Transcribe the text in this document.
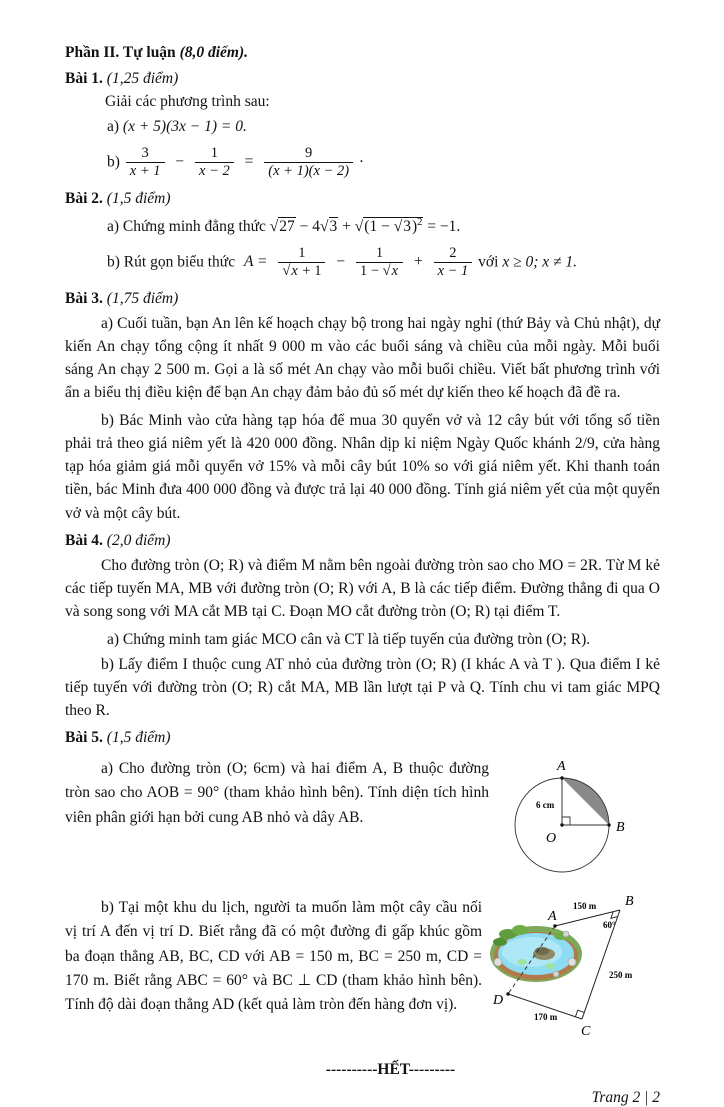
Phần II. Tự luận (8,0 điểm).
Bài 1. (1,25 điểm)
Giải các phương trình sau:
a) (x + 5)(3x − 1) = 0.
$b) \frac{3}{x + 1} - \frac{1}{x - 2} = \frac{9}{(x + 1)(x - 2)}$ ·
Bài 2. (1,5 điểm)
a) Chứng minh đẳng thức √ 27 − 4 √ 3 + √ (1 − √ 3)$^2$ = −1.
b) Rút gọn biểu thức A = 1
√ $x + 1 - \frac{1}{1 - √ x} + \frac{2}{x - 1}$ với x ≥ 0; x ≠ 1.
Bài 3. (1,75 điểm)
a) Cuối tuần, bạn An lên kế hoạch chạy bộ trong hai ngày nghỉ (thứ Bảy và Chủ nhật), dự kiến An chạy tổng cộng ít nhất 9 000 m vào các buổi sáng và chiều của mỗi ngày. Mỗi buổi sáng An chạy 2 500 m. Gọi a là số mét An chạy vào mỗi buổi chiều. Viết bất phương trình với ẩn a biểu thị điều kiện để bạn An chạy đảm bảo đủ số mét dự kiến theo kế hoạch đã đề ra.
b) Bác Minh vào cửa hàng tạp hóa để mua 30 quyển vở và 12 cây bút với tổng số tiền phải trả theo giá niêm yết là 420 000 đồng. Nhân dịp kỉ niệm Ngày Quốc khánh 2/9, cửa hàng tạp hóa giảm giá mỗi quyển vở 15% và mỗi cây bút 10% so với giá niêm yết. Khi thanh toán tiền, bác Minh đưa 400 000 đồng và được trả lại 40 000 đồng. Tính giá niêm yết của một quyển vở và một cây bút.
Bài 4. (2,0 điểm)
Cho đường tròn (O; R) và điểm M nằm bên ngoài đường tròn sao cho MO = 2R. Từ M kẻ các tiếp tuyến MA, MB với đường tròn (O; R) với A, B là các tiếp điểm. Đường thẳng đi qua O và song song với MA cắt MB tại C. Đoạn MO cắt đường tròn (O; R) tại điểm T.
a) Chứng minh tam giác MCO cân và CT là tiếp tuyến của đường tròn (O; R).
b) Lấy điểm I thuộc cung AT nhỏ của đường tròn (O; R) (I khác A và T ). Qua điểm I kẻ tiếp tuyến với đường tròn (O; R) cắt MA, MB lần lượt tại P và Q. Tính chu vi tam giác MPQ theo R.
Bài 5. (1,5 điểm)
a) Cho đường tròn (O; 6cm) và hai điểm A, B thuộc đường tròn sao cho AOB = 90° (tham khảo hình bên). Tính diện tích hình viên phân giới hạn bởi cung AB nhỏ và dây AB.
A
B
O
6 cm
b) Tại một khu du lịch, người ta muốn làm một cây cầu nối vị trí A đến vị trí D. Biết rằng đã có một đường đi gấp khúc gồm ba đoạn thẳng AB, BC, CD với AB = 150 m, BC = 250 m, CD = 170 m. Biết rằng ABC = 60° và BC ⊥ CD (tham khảo hình bên). Tính độ dài đoạn thẳng AD (kết quả làm tròn đến hàng đơn vị).
A
B
C
D
150 m
60°
250 m
170 m
----------HẾT---------
Trang 2 | 2
